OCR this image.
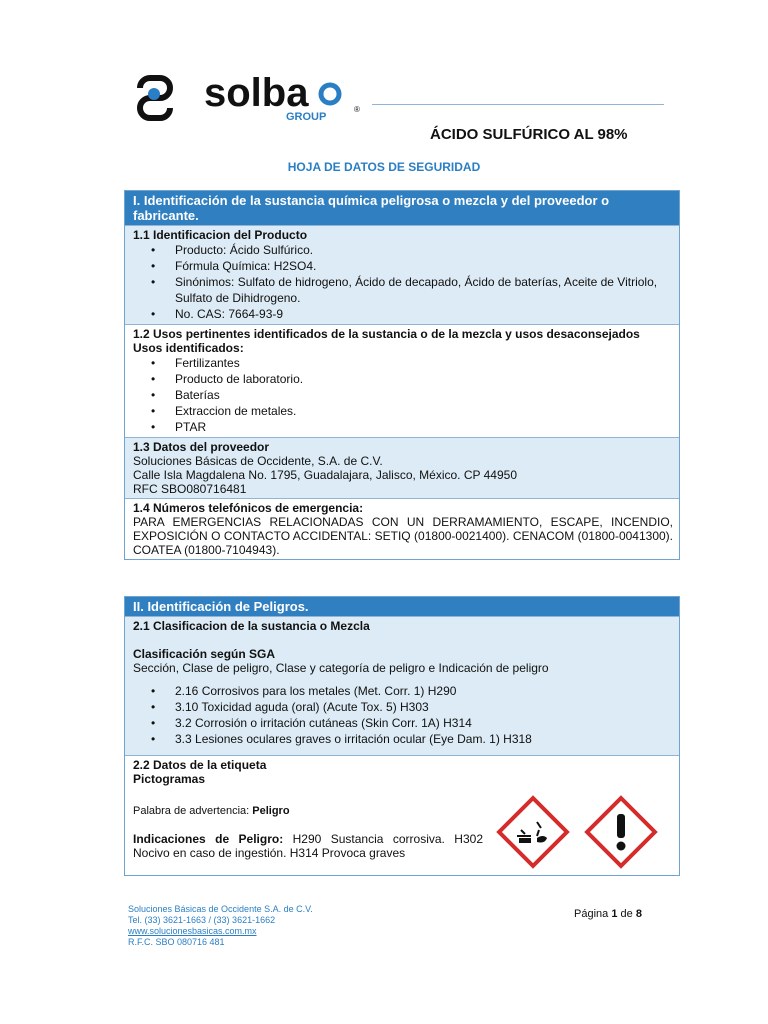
solba
GROUP
®
ÁCIDO SULFÚRICO AL 98%
HOJA DE DATOS DE SEGURIDAD
I. Identificación de la sustancia química peligrosa o mezcla y del proveedor o fabricante.
1.1 Identificacion del Producto
• Producto: Ácido Sulfúrico.
• Fórmula Química: H2SO4.
• Sinónimos: Sulfato de hidrogeno, Ácido de decapado, Ácido de baterías, Aceite de Vitriolo, Sulfato de Dihidrogeno.
• No. CAS: 7664-93-9
1.2 Usos pertinentes identificados de la sustancia o de la mezcla y usos desaconsejados
Usos identificados:
• Fertilizantes
• Producto de laboratorio.
• Baterías
• Extraccion de metales.
• PTAR
1.3 Datos del proveedor
Soluciones Básicas de Occidente, S.A. de C.V.
Calle Isla Magdalena No. 1795, Guadalajara, Jalisco, México. CP 44950
RFC SBO080716481
1.4 Números telefónicos de emergencia:
PARA EMERGENCIAS RELACIONADAS CON UN DERRAMAMIENTO, ESCAPE, INCENDIO, EXPOSICIÓN O CONTACTO ACCIDENTAL: SETIQ (01800-0021400). CENACOM (01800-0041300). COATEA (01800-7104943).
II. Identificación de Peligros.
2.1 Clasificacion de la sustancia o Mezcla
Clasificación según SGA
Sección, Clase de peligro, Clase y categoría de peligro e Indicación de peligro
• 2.16 Corrosivos para los metales (Met. Corr. 1) H290
• 3.10 Toxicidad aguda (oral) (Acute Tox. 5) H303
• 3.2 Corrosión o irritación cutáneas (Skin Corr. 1A) H314
• 3.3 Lesiones oculares graves o irritación ocular (Eye Dam. 1) H318
2.2 Datos de la etiqueta
Pictogramas
Palabra de advertencia: Peligro
Indicaciones de Peligro: H290 Sustancia corrosiva. H302 Nocivo en caso de ingestión. H314 Provoca graves
Soluciones Básicas de Occidente S.A. de C.V.
Tel. (33) 3621-1663 / (33) 3621-1662
www.solucionesbasicas.com.mx
R.F.C. SBO 080716 481
Página 1 de 8
